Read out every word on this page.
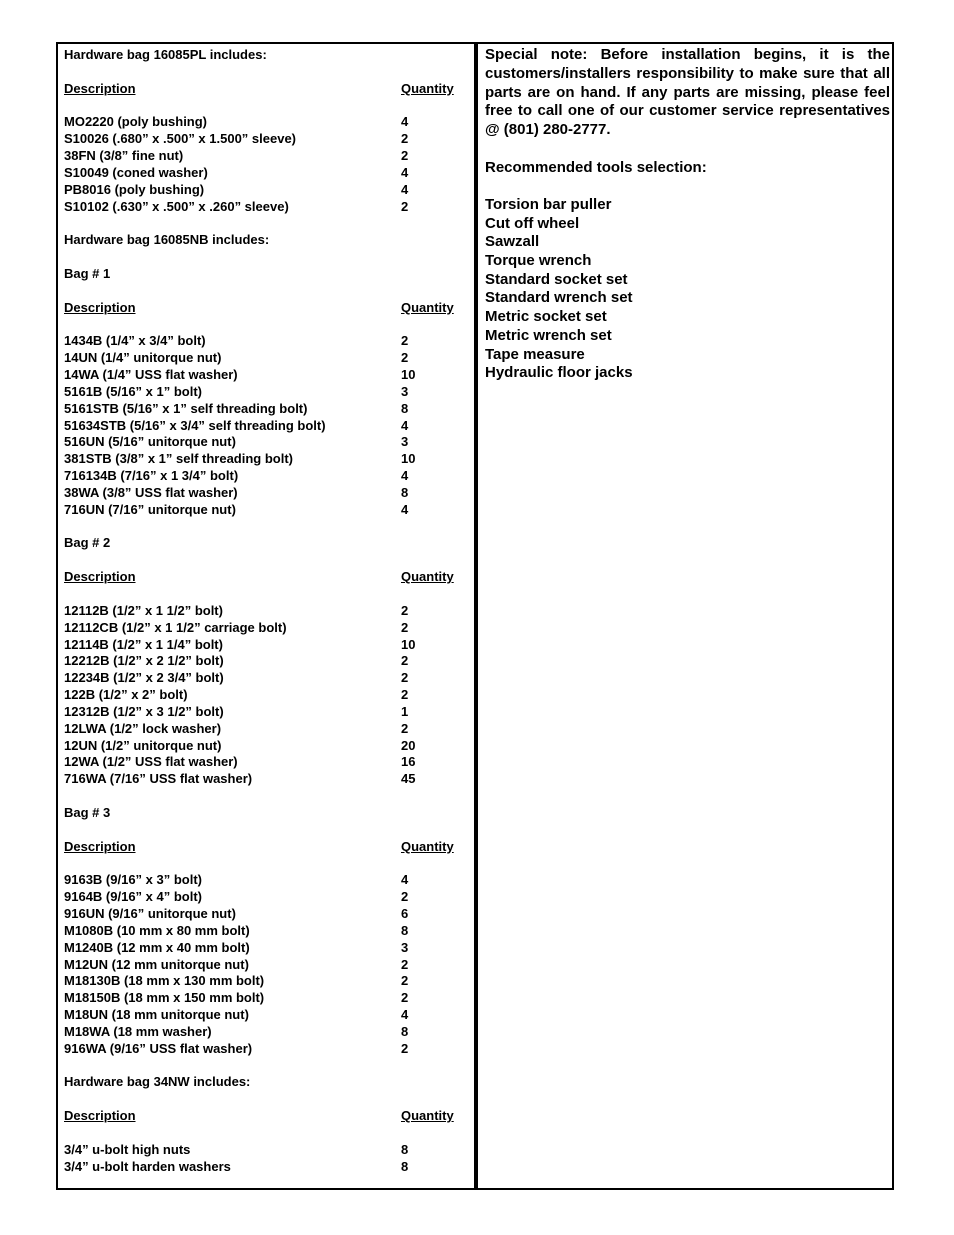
Hardware bag 16085PL includes:
Description	Quantity
MO2220 (poly bushing)	4
S10026 (.680” x .500” x 1.500” sleeve)	2
38FN (3/8” fine nut)	2
S10049 (coned washer)	4
PB8016 (poly bushing)	4
S10102 (.630” x .500” x .260” sleeve)	2
Hardware bag 16085NB includes:
Bag # 1
Description	Quantity
1434B (1/4” x 3/4” bolt)	2
14UN (1/4” unitorque nut)	2
14WA (1/4” USS flat washer)	10
5161B (5/16” x 1” bolt)	3
5161STB (5/16” x 1” self threading bolt)	8
51634STB (5/16” x 3/4” self threading bolt)	4
516UN (5/16” unitorque nut)	3
381STB (3/8” x 1” self threading bolt)	10
716134B (7/16” x 1 3/4” bolt)	4
38WA (3/8” USS flat washer)	8
716UN (7/16” unitorque nut)	4
Bag # 2
Description	Quantity
12112B (1/2” x 1 1/2” bolt)	2
12112CB (1/2” x 1 1/2” carriage bolt)	2
12114B (1/2” x 1 1/4” bolt)	10
12212B (1/2” x 2 1/2” bolt)	2
12234B (1/2” x 2 3/4” bolt)	2
122B (1/2” x 2” bolt)	2
12312B (1/2” x 3 1/2” bolt)	1
12LWA (1/2” lock washer)	2
12UN (1/2” unitorque nut)	20
12WA (1/2” USS flat washer)	16
716WA (7/16” USS flat washer)	45
Bag # 3
Description	Quantity
9163B (9/16” x 3” bolt)	4
9164B (9/16” x 4” bolt)	2
916UN (9/16” unitorque nut)	6
M1080B (10 mm x 80 mm bolt)	8
M1240B (12 mm x 40 mm bolt)	3
M12UN (12 mm unitorque nut)	2
M18130B (18 mm x 130 mm bolt)	2
M18150B (18 mm x 150 mm bolt)	2
M18UN (18 mm unitorque nut)	4
M18WA (18 mm washer)	8
916WA (9/16” USS flat washer)	2
Hardware bag 34NW includes:
Description	Quantity
3/4” u-bolt high nuts	8
3/4” u-bolt harden washers	8

Special note: Before installation begins, it is the customers/installers responsibility to make sure that all parts are on hand. If any parts are missing, please feel free to call one of our customer service representatives @ (801) 280-2777.

Recommended tools selection:
Torsion bar puller
Cut off wheel
Sawzall
Torque wrench
Standard socket set
Standard wrench set
Metric socket set
Metric wrench set
Tape measure
Hydraulic floor jacks
